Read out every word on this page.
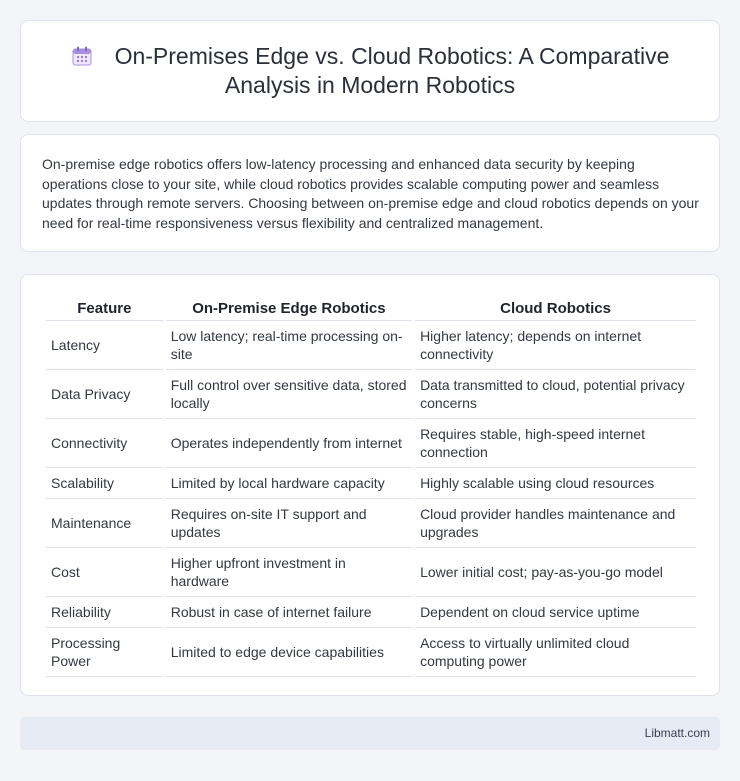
On-Premises Edge vs. Cloud Robotics: A Comparative Analysis in Modern Robotics

On-premise edge robotics offers low-latency processing and enhanced data security by keeping operations close to your site, while cloud robotics provides scalable computing power and seamless updates through remote servers. Choosing between on-premise edge and cloud robotics depends on your need for real-time responsiveness versus flexibility and centralized management.

Feature	On-Premise Edge Robotics	Cloud Robotics
Latency	Low latency; real-time processing on-site	Higher latency; depends on internet connectivity
Data Privacy	Full control over sensitive data, stored locally	Data transmitted to cloud, potential privacy concerns
Connectivity	Operates independently from internet	Requires stable, high-speed internet connection
Scalability	Limited by local hardware capacity	Highly scalable using cloud resources
Maintenance	Requires on-site IT support and updates	Cloud provider handles maintenance and upgrades
Cost	Higher upfront investment in hardware	Lower initial cost; pay-as-you-go model
Reliability	Robust in case of internet failure	Dependent on cloud service uptime
Processing Power	Limited to edge device capabilities	Access to virtually unlimited cloud computing power
Libmatt.com
